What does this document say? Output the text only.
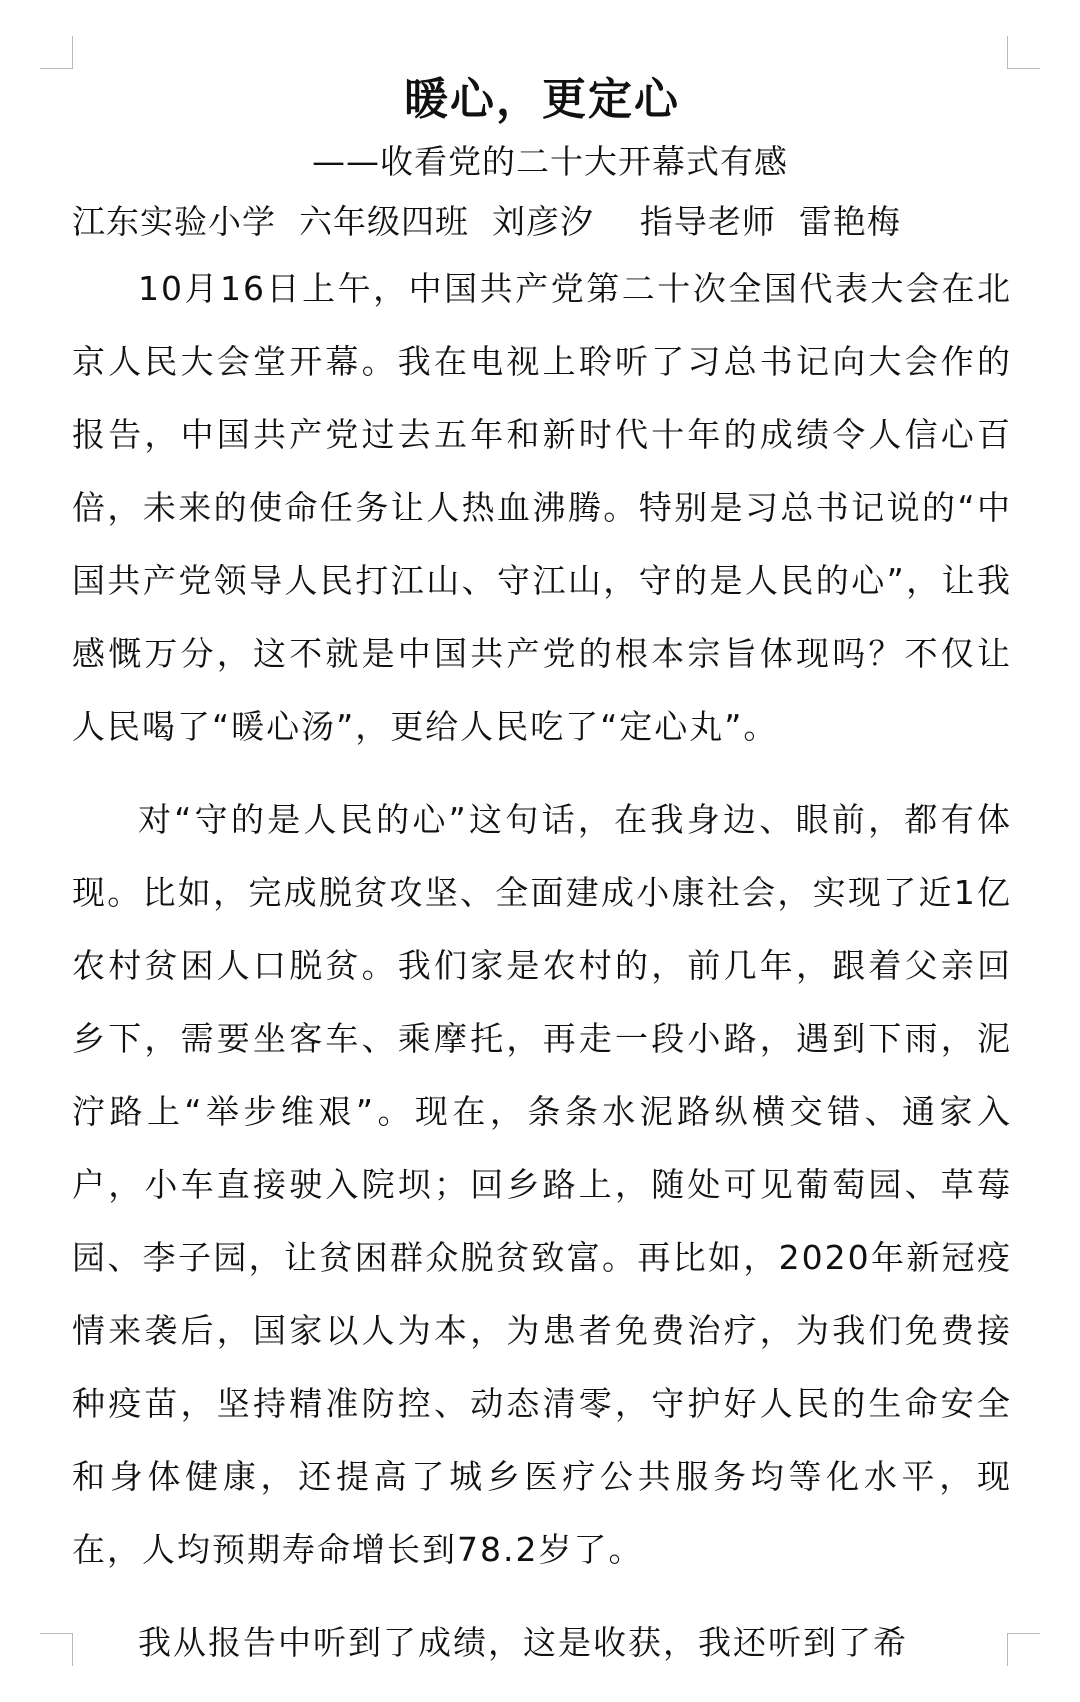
暖心，更定心
——收看党的二十大开幕式有感
江东实验小学  六年级四班  刘彦汐    指导老师  雷艳梅

10月16日上午，中国共产党第二十次全国代表大会在北京人民大会堂开幕。我在电视上聆听了习总书记向大会作的报告，中国共产党过去五年和新时代十年的成绩令人信心百倍，未来的使命任务让人热血沸腾。特别是习总书记说的“中国共产党领导人民打江山、守江山，守的是人民的心”，让我感慨万分，这不就是中国共产党的根本宗旨体现吗？不仅让人民喝了“暖心汤”，更给人民吃了“定心丸”。

对“守的是人民的心”这句话，在我身边、眼前，都有体现。比如，完成脱贫攻坚、全面建成小康社会，实现了近1亿农村贫困人口脱贫。我们家是农村的，前几年，跟着父亲回乡下，需要坐客车、乘摩托，再走一段小路，遇到下雨，泥泞路上“举步维艰”。现在，条条水泥路纵横交错、通家入户，小车直接驶入院坝；回乡路上，随处可见葡萄园、草莓园、李子园，让贫困群众脱贫致富。再比如，2020年新冠疫情来袭后，国家以人为本，为患者免费治疗，为我们免费接种疫苗，坚持精准防控、动态清零，守护好人民的生命安全和身体健康，还提高了城乡医疗公共服务均等化水平，现在，人均预期寿命增长到78.2岁了。

我从报告中听到了成绩，这是收获，我还听到了希
